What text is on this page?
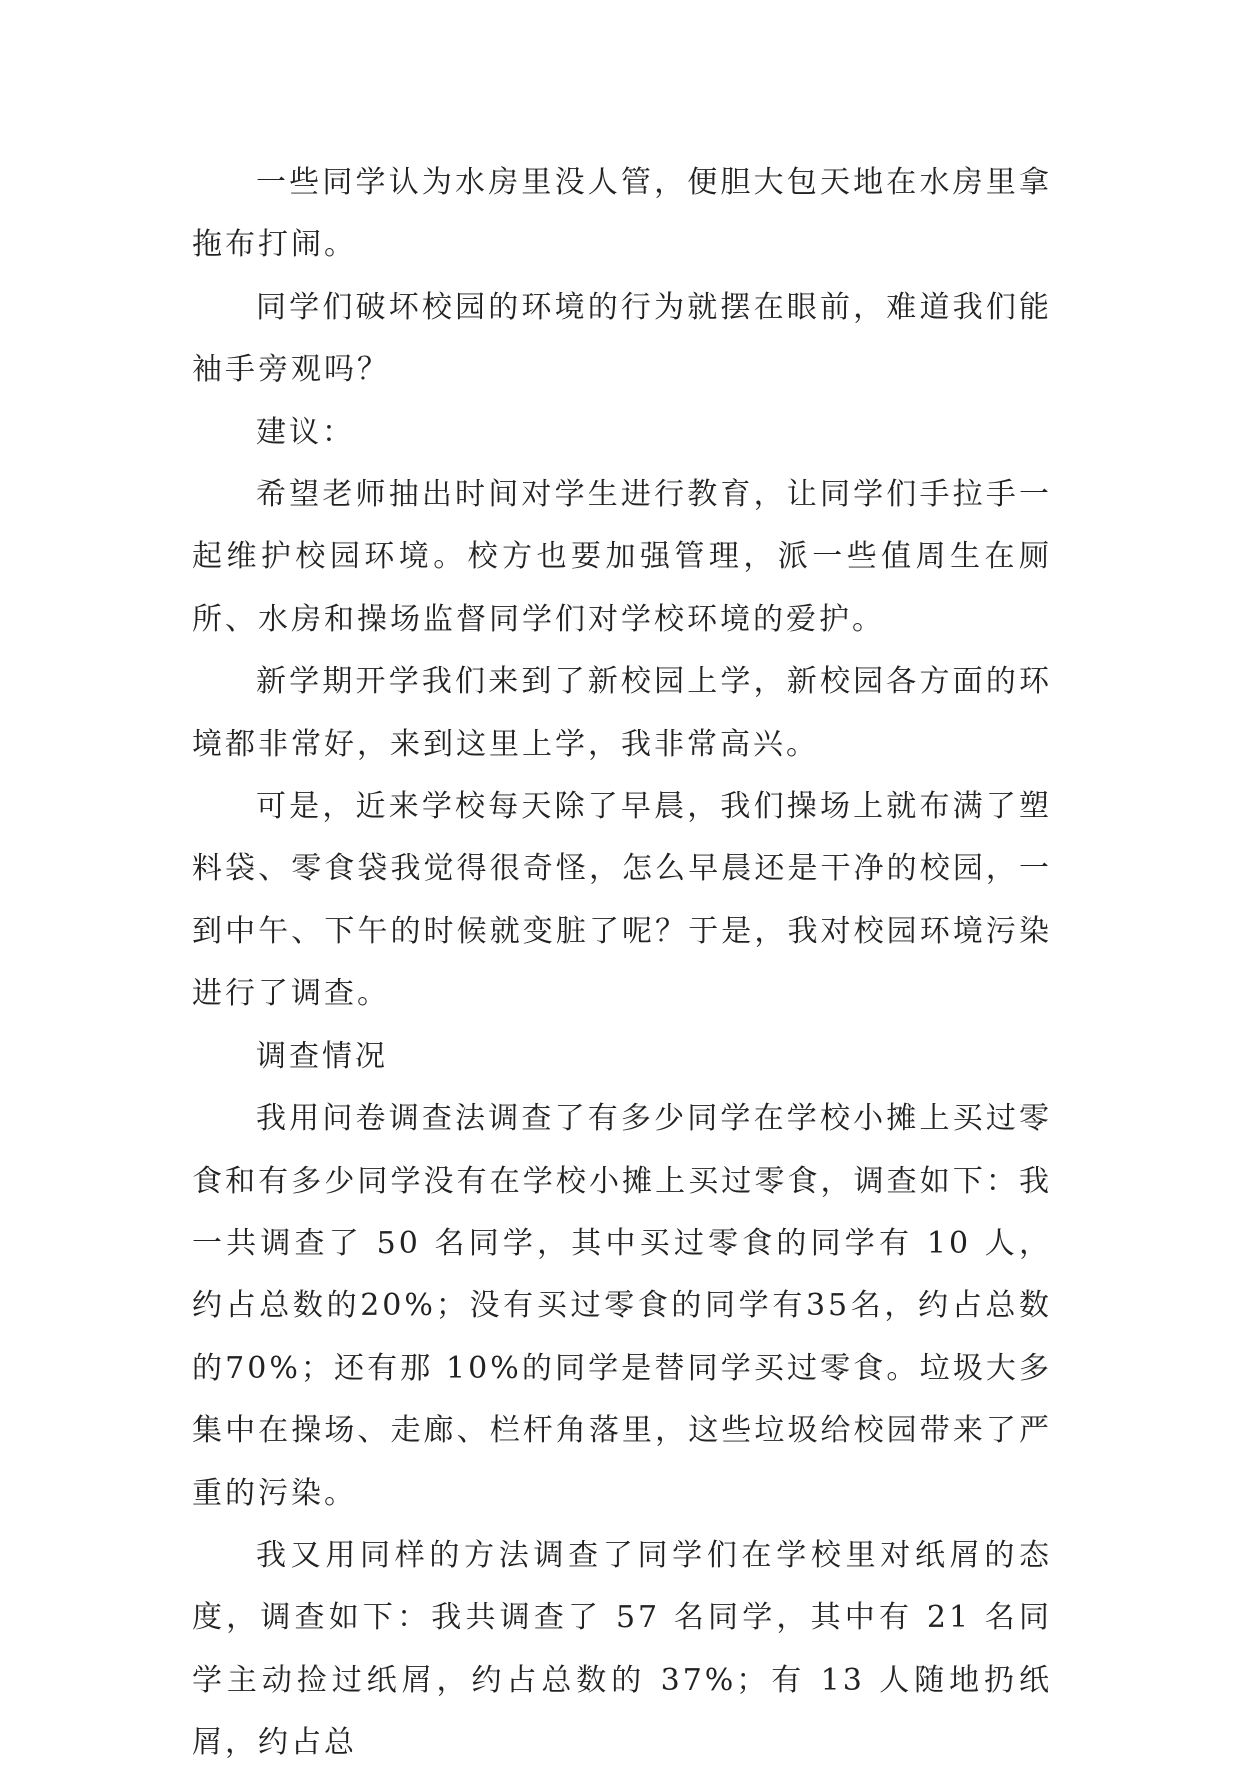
一些同学认为水房里没人管，便胆大包天地在水房里拿拖布打闹。

同学们破坏校园的环境的行为就摆在眼前，难道我们能袖手旁观吗？

建议：

希望老师抽出时间对学生进行教育，让同学们手拉手一起维护校园环境。校方也要加强管理，派一些值周生在厕所、水房和操场监督同学们对学校环境的爱护。

新学期开学我们来到了新校园上学，新校园各方面的环境都非常好，来到这里上学，我非常高兴。

可是，近来学校每天除了早晨，我们操场上就布满了塑料袋、零食袋我觉得很奇怪，怎么早晨还是干净的校园，一到中午、下午的时候就变脏了呢？于是，我对校园环境污染进行了调查。

调查情况

我用问卷调查法调查了有多少同学在学校小摊上买过零食和有多少同学没有在学校小摊上买过零食，调查如下：我一共调查了 50 名同学，其中买过零食的同学有 10 人，约占总数的20%；没有买过零食的同学有35名，约占总数的70%；还有那 10%的同学是替同学买过零食。垃圾大多集中在操场、走廊、栏杆角落里，这些垃圾给校园带来了严重的污染。

我又用同样的方法调查了同学们在学校里对纸屑的态度，调查如下：我共调查了 57 名同学，其中有 21 名同学主动捡过纸屑，约占总数的 37%；有 13 人随地扔纸屑，约占总
